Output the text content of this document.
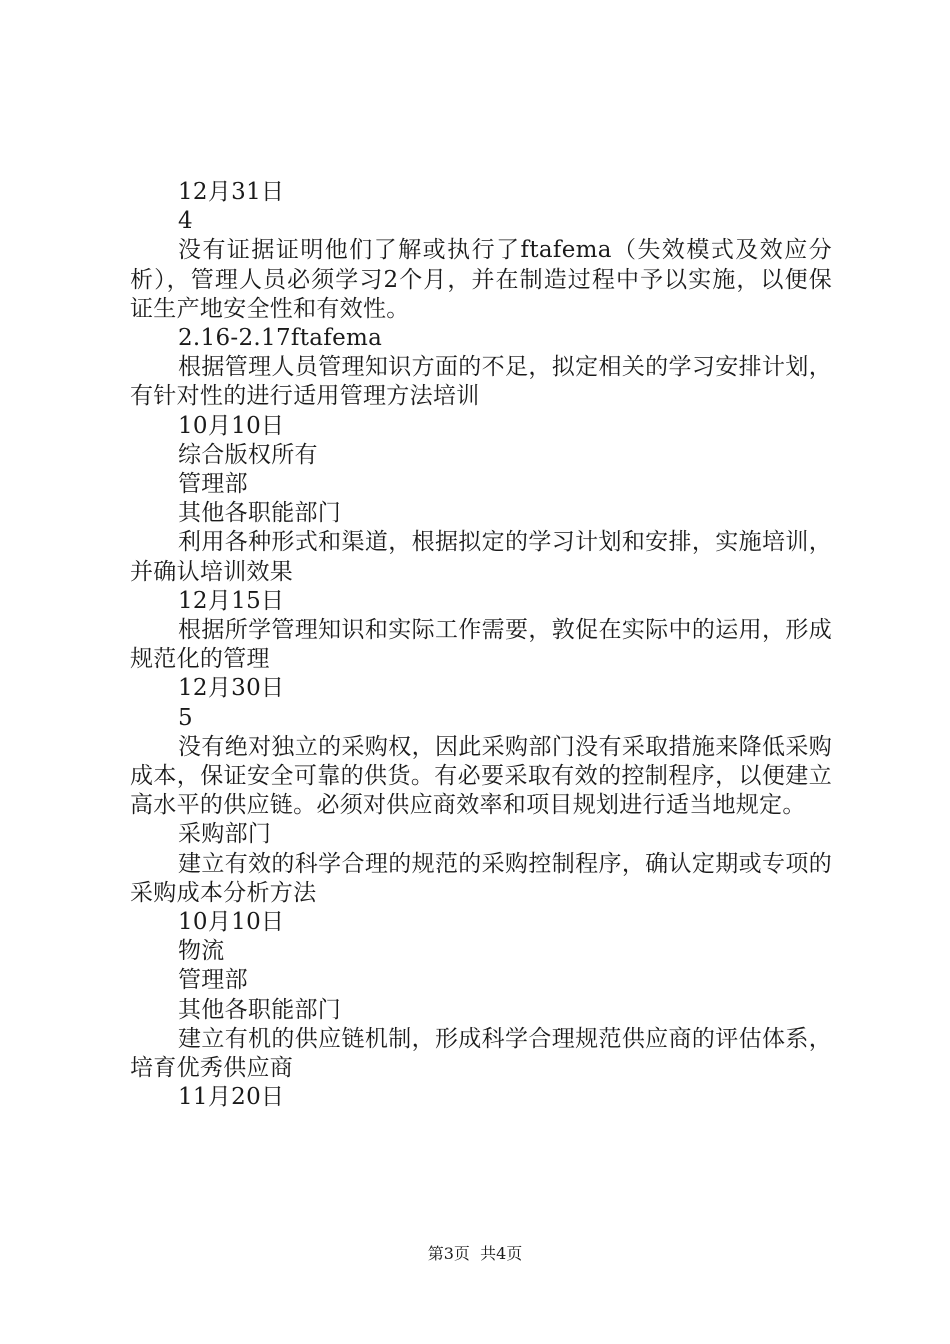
12月31日

4

没有证据证明他们了解或执行了ftafema（失效模式及效应分析），管理人员必须学习2个月，并在制造过程中予以实施，以便保证生产地安全性和有效性。

2.16-2.17ftafema

根据管理人员管理知识方面的不足，拟定相关的学习安排计划，有针对性的进行适用管理方法培训

10月10日

综合版权所有

管理部

其他各职能部门

利用各种形式和渠道，根据拟定的学习计划和安排，实施培训，并确认培训效果

12月15日

根据所学管理知识和实际工作需要，敦促在实际中的运用，形成规范化的管理

12月30日

5

没有绝对独立的采购权，因此采购部门没有采取措施来降低采购成本，保证安全可靠的供货。有必要采取有效的控制程序，以便建立高水平的供应链。必须对供应商效率和项目规划进行适当地规定。

采购部门

建立有效的科学合理的规范的采购控制程序，确认定期或专项的采购成本分析方法

10月10日

物流

管理部

其他各职能部门

建立有机的供应链机制，形成科学合理规范供应商的评估体系，培育优秀供应商

11月20日

第3页  共4页
